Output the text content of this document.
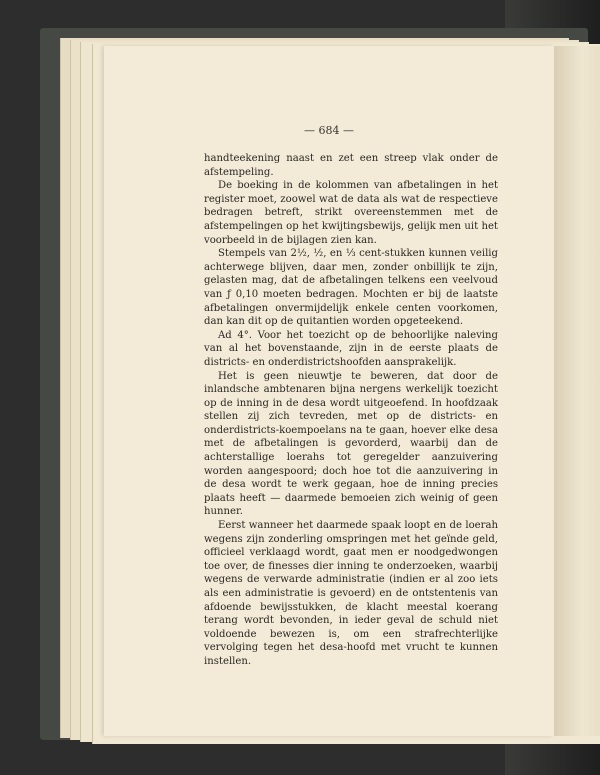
— 684 —

handteekening naast en zet een streep vlak onder de afstempeling.

De boeking in de kolommen van afbetalingen in het register moet, zoowel wat de data als wat de respectieve bedragen betreft, strikt overeenstemmen met de afstempelingen op het kwijtingsbewijs, gelijk men uit het voorbeeld in de bijlagen zien kan.

Stempels van 2½, ½, en ⅓ cent-stukken kunnen veilig achterwege blijven, daar men, zonder onbillijk te zijn, gelasten mag, dat de afbetalingen telkens een veelvoud van ƒ 0,10 moeten bedragen. Mochten er bij de laatste afbetalingen onvermijdelijk enkele centen voorkomen, dan kan dit op de quitantien worden opgeteekend.

Ad 4°. Voor het toezicht op de behoorlijke naleving van al het bovenstaande, zijn in de eerste plaats de districts- en onderdistrictshoofden aansprakelijk.

Het is geen nieuwtje te beweren, dat door de inlandsche ambtenaren bijna nergens werkelijk toezicht op de inning in de desa wordt uitgeoefend. In hoofdzaak stellen zij zich tevreden, met op de districts- en onderdistricts-koempoelans na te gaan, hoever elke desa met de afbetalingen is gevorderd, waarbij dan de achterstallige loerahs tot geregelder aanzuivering worden aangespoord; doch hoe tot die aanzuivering in de desa wordt te werk gegaan, hoe de inning precies plaats heeft — daarmede bemoeien zich weinig of geen hunner.

Eerst wanneer het daarmede spaak loopt en de loerah wegens zijn zonderling omspringen met het geïnde geld, officieel verklaagd wordt, gaat men er noodgedwongen toe over, de finesses dier inning te onderzoeken, waarbij wegens de verwarde administratie (indien er al zoo iets als een administratie is gevoerd) en de ontstentenis van afdoende bewijsstukken, de klacht meestal koerang terang wordt bevonden, in ieder geval de schuld niet voldoende bewezen is, om een strafrechterlijke vervolging tegen het desa-hoofd met vrucht te kunnen instellen.
